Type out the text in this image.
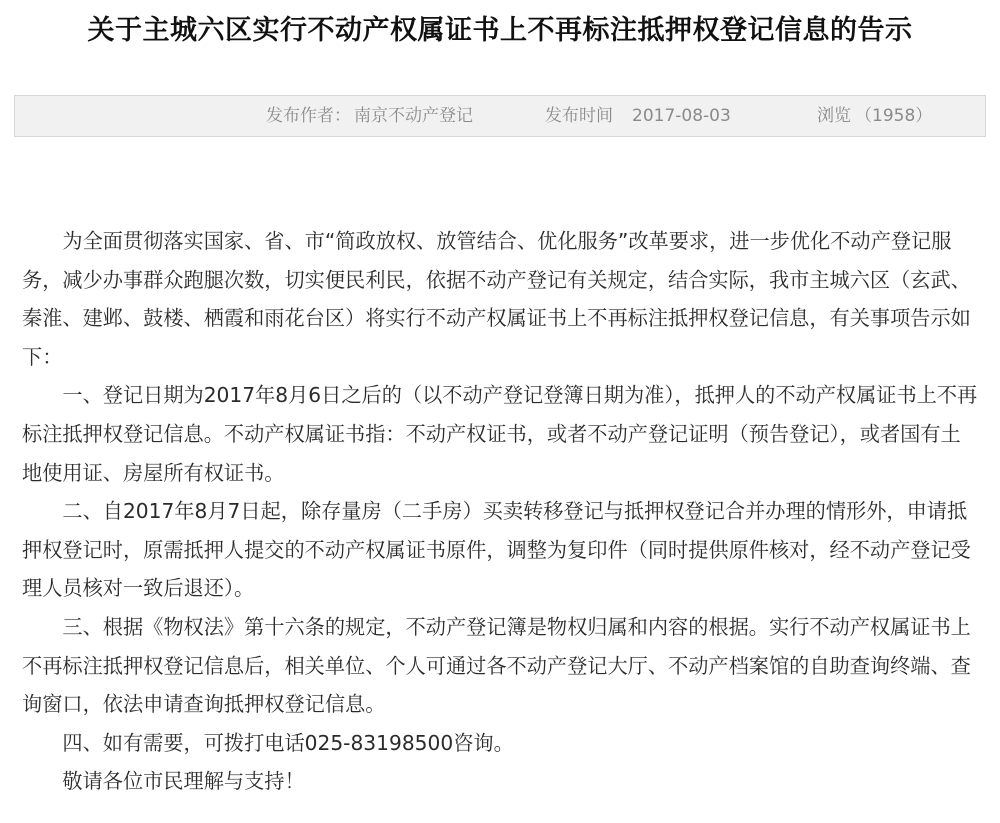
关于主城六区实行不动产权属证书上不再标注抵押权登记信息的告示
发布作者： 南京不动产登记	发布时间 2017-08-03	浏览 （1958）

为全面贯彻落实国家、省、市“简政放权、放管结合、优化服务”改革要求，进一步优化不动产登记服务，减少办事群众跑腿次数，切实便民利民，依据不动产登记有关规定，结合实际，我市主城六区（玄武、秦淮、建邺、鼓楼、栖霞和雨花台区）将实行不动产权属证书上不再标注抵押权登记信息，有关事项告示如下：

一、登记日期为2017年8月6日之后的（以不动产登记登簿日期为准），抵押人的不动产权属证书上不再标注抵押权登记信息。不动产权属证书指：不动产权证书，或者不动产登记证明（预告登记），或者国有土地使用证、房屋所有权证书。

二、自2017年8月7日起，除存量房（二手房）买卖转移登记与抵押权登记合并办理的情形外，申请抵押权登记时，原需抵押人提交的不动产权属证书原件，调整为复印件（同时提供原件核对，经不动产登记受理人员核对一致后退还）。

三、根据《物权法》第十六条的规定，不动产登记簿是物权归属和内容的根据。实行不动产权属证书上不再标注抵押权登记信息后，相关单位、个人可通过各不动产登记大厅、不动产档案馆的自助查询终端、查询窗口，依法申请查询抵押权登记信息。

四、如有需要，可拨打电话025-83198500咨询。

敬请各位市民理解与支持！
